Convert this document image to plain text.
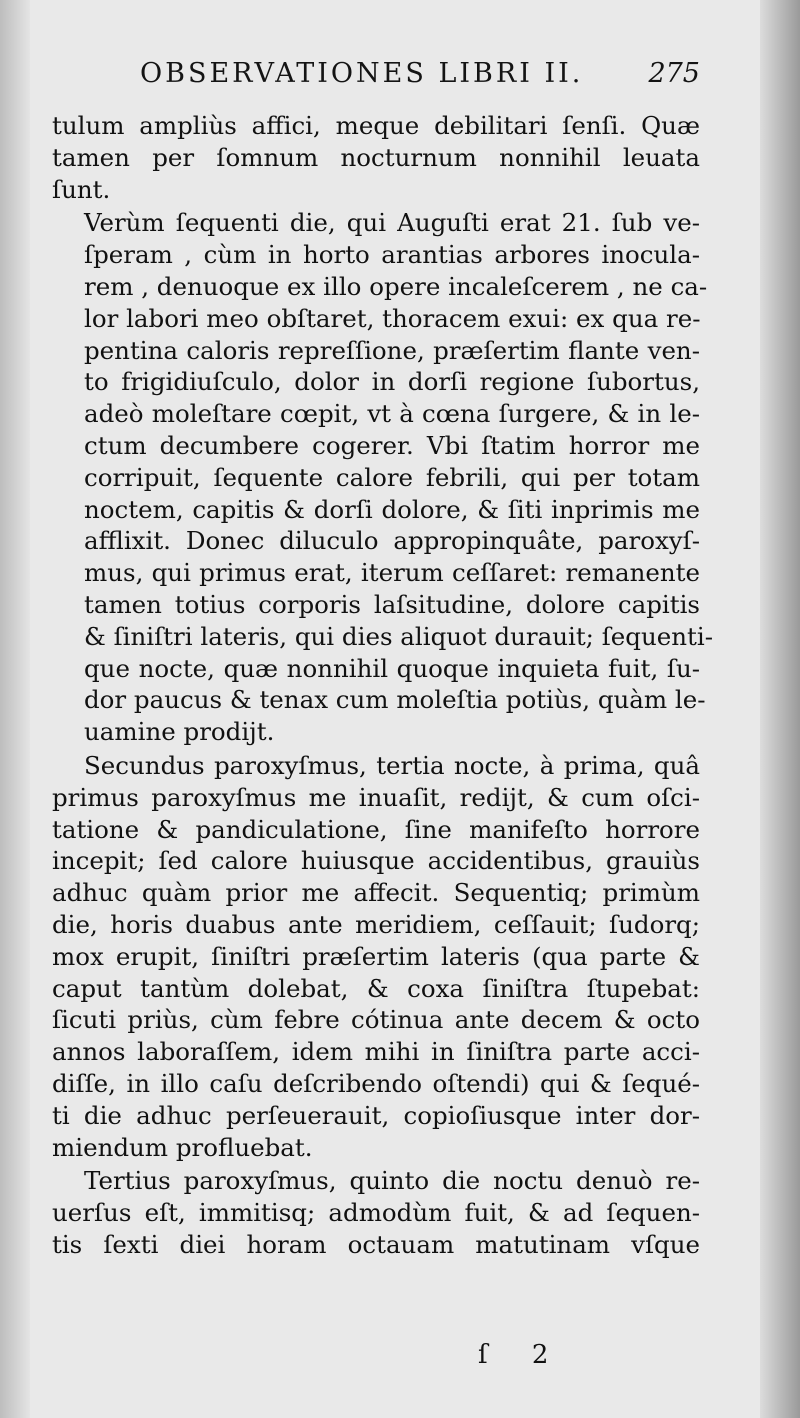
OBSERVATIONES LIBRI II. 275
tulum ampliùs affici, meque debilitari ſenſi. Quæ
tamen per ſomnum nocturnum nonnihil leuata
ſunt.
Verùm ſequenti die, qui Auguſti erat 21. ſub ve-
ſperam , cùm in horto arantias arbores inocula-
rem , denuoque ex illo opere incaleſcerem , ne ca-
lor labori meo obſtaret, thoracem exui: ex qua re-
pentina caloris repreſſione, præſertim flante ven-
to frigidiuſculo, dolor in dorſi regione ſubortus,
adeò moleſtare cœpit, vt à cœna ſurgere, & in le-
ctum decumbere cogerer. Vbi ſtatim horror me
corripuit, ſequente calore febrili, qui per totam
noctem, capitis & dorſi dolore, & ſiti inprimis me
afflixit. Donec diluculo appropinquâte, paroxyſ-
mus, qui primus erat, iterum ceſſaret: remanente
tamen totius corporis laſsitudine, dolore capitis
& ſiniſtri lateris, qui dies aliquot durauit; ſequenti-
que nocte, quæ nonnihil quoque inquieta fuit, ſu-
dor paucus & tenax cum moleſtia potiùs, quàm le-
uamine prodijt.
Secundus paroxyſmus, tertia nocte, à prima, quâ
primus paroxyſmus me inuaſit, redijt, & cum oſci-
tatione & pandiculatione, ſine manifeſto horrore
incepit; ſed calore huiusque accidentibus, grauiùs
adhuc quàm prior me affecit. Sequentiq; primùm
die, horis duabus ante meridiem, ceſſauit; ſudorq;
mox erupit, ſiniſtri præſertim lateris (qua parte &
caput tantùm dolebat, & coxa ſiniſtra ſtupebat:
ſicuti priùs, cùm febre cótinua ante decem & octo
annos laboraſſem, idem mihi in ſiniſtra parte acci-
diſſe, in illo caſu deſcribendo oſtendi) qui & ſequé-
ti die adhuc perſeuerauit, copioſiusque inter dor-
miendum profluebat.
Tertius paroxyſmus, quinto die noctu denuò re-
uerſus eſt, immitisq; admodùm fuit, & ad ſequen-
tis ſexti diei horam octauam matutinam vſque
ſ 2
